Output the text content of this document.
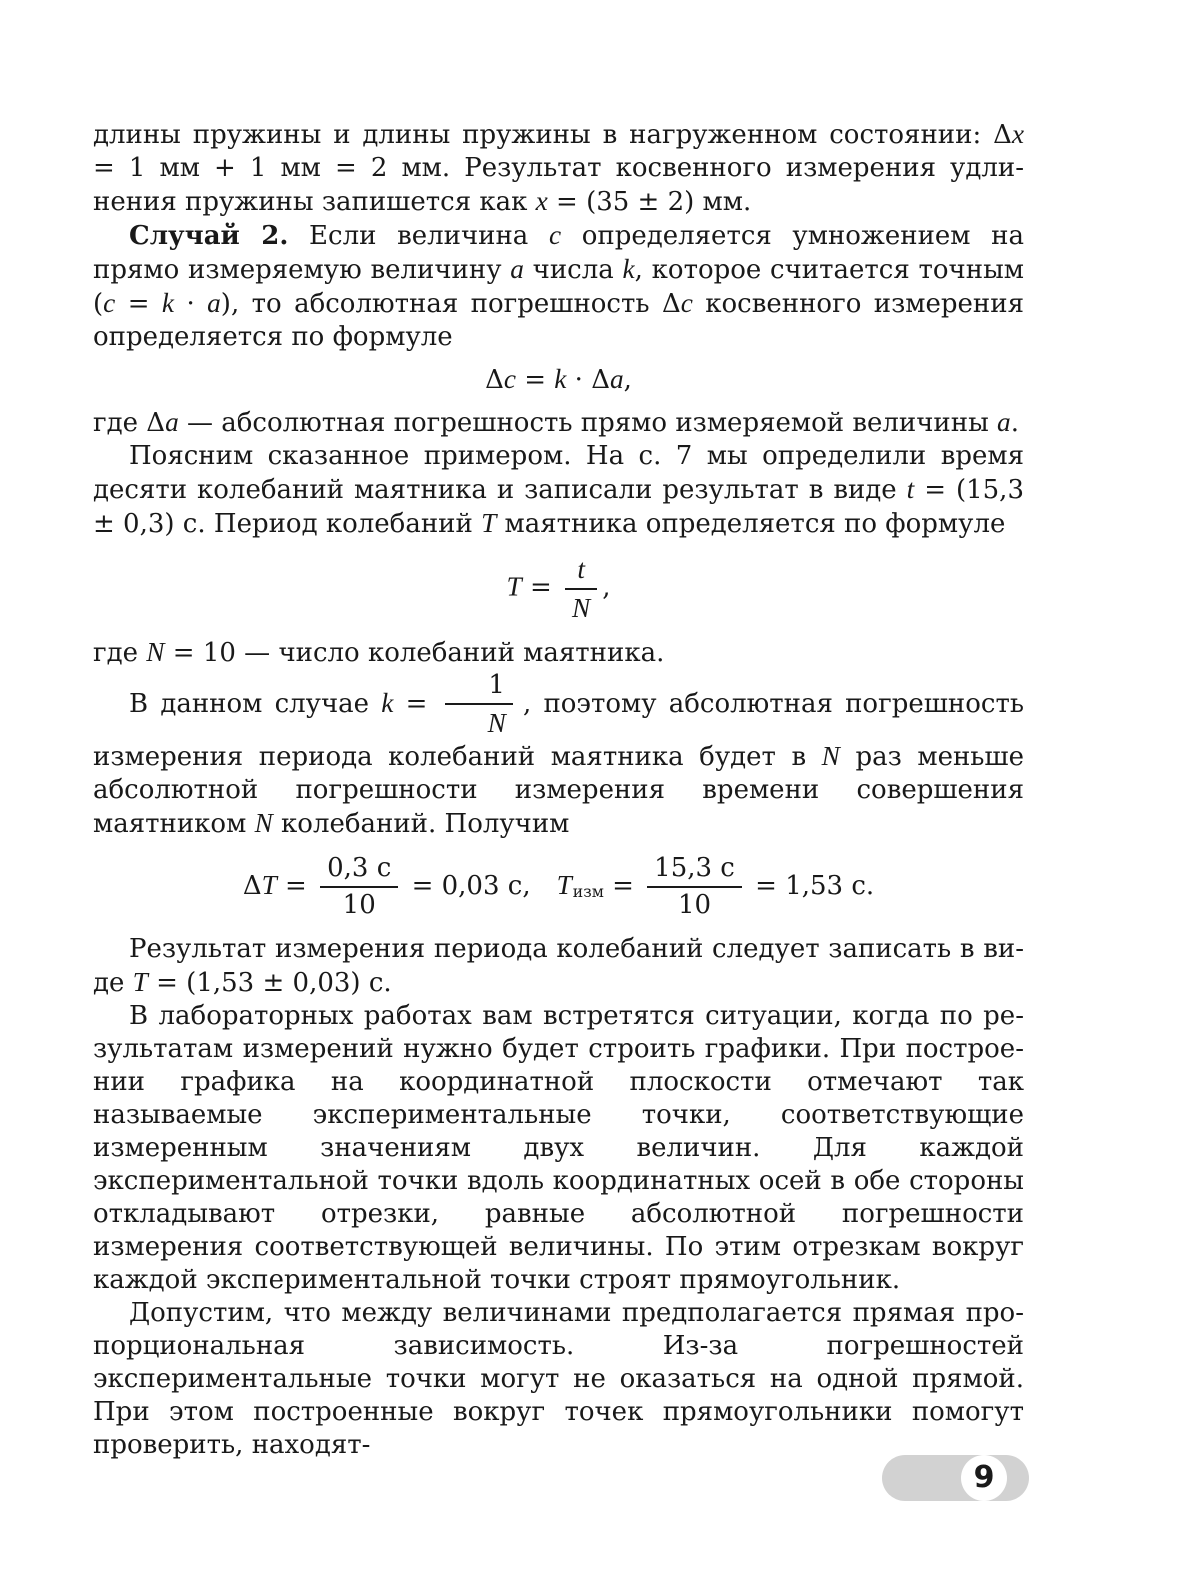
длины пружины и длины пружины в нагруженном состоянии: Δx = 1 мм + 1 мм = 2 мм. Результат косвенного измерения удлинения пружины запишется как x = (35 ± 2) мм.

Случай 2. Если величина c определяется умножением на прямо измеряемую величину a числа k, которое считается точным (c = k · a), то абсолютная погрешность Δc косвенного измерения определяется по формуле

Δc = k · Δa,

где Δa — абсолютная погрешность прямо измеряемой величины a.

Поясним сказанное примером. На с. 7 мы определили время десяти колебаний маятника и записали результат в виде t = (15,3 ± 0,3) с. Период колебаний T маятника определяется по формуле

$T = \frac{t}{N}$ ,

где N = 10 — число колебаний маятника.

В данном случае $k = \frac{1}{N}$  , поэтому абсолютная погрешность измерения периода колебаний маятника будет в N раз меньше абсолютной погрешности измерения времени совершения маятником N колебаний. Получим

$\Delta T = \frac{0,3 с}{10} = 0,03$ с, $T_{изм} = \frac{15,3 с}{10} = 1,53$ с.

Результат измерения периода колебаний следует записать в виде T = (1,53 ± 0,03) с.

В лабораторных работах вам встретятся ситуации, когда по результатам измерений нужно будет строить графики. При построении графика на координатной плоскости отмечают так называемые экспериментальные точки, соответствующие измеренным значениям двух величин. Для каждой экспериментальной точки вдоль координатных осей в обе стороны откладывают отрезки, равные абсолютной погрешности измерения соответствующей величины. По этим отрезкам вокруг каждой экспериментальной точки строят прямоугольник.

Допустим, что между величинами предполагается прямая пропорциональная зависимость. Из-за погрешностей экспериментальные точки могут не оказаться на одной прямой. При этом построенные вокруг точек прямоугольники помогут проверить, находят-

9
